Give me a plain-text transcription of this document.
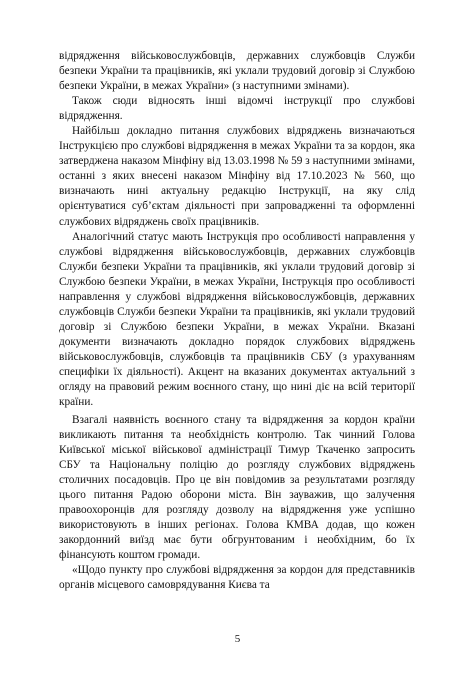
відрядження військовослужбовців, державних службовців Служби безпеки України та працівників, які уклали трудовий договір зі Службою безпеки України, в межах України» (з наступними змінами).

Також сюди відносять інші відомчі інструкції про службові відрядження.

Найбільш докладно питання службових відряджень визначаються Інструкцією про службові відрядження в межах України та за кордон, яка затверджена наказом Мінфіну від 13.03.1998 № 59 з наступними змінами, останні з яких внесені наказом Мінфіну від 17.10.2023 № 560, що визначають нині актуальну редакцію Інструкції, на яку слід орієнтуватися суб’єктам діяльності при запровадженні та оформленні службових відряджень своїх працівників.

Аналогічний статус мають Інструкція про особливості направлення у службові відрядження військовослужбовців, державних службовців Служби безпеки України та працівників, які уклали трудовий договір зі Службою безпеки України, в межах України, Інструкція про особливості направлення у службові відрядження військовослужбовців, державних службовців Служби безпеки України та працівників, які уклали трудовий договір зі Службою безпеки України, в межах України. Вказані документи визначають докладно порядок службових відряджень військовослужбовців, службовців та працівників СБУ (з урахуванням специфіки їх діяльності). Акцент на вказаних документах актуальний з огляду на правовий режим воєнного стану, що нині діє на всій території країни.

Взагалі наявність воєнного стану та відрядження за кордон країни викликають питання та необхідність контролю. Так чинний Голова Київської міської військової адміністрації Тимур Ткаченко запросить СБУ та Національну поліцію до розгляду службових відряджень столичних посадовців. Про це він повідомив за результатами розгляду цього питання Радою оборони міста. Він зауважив, що залучення правоохоронців для розгляду дозволу на відрядження уже успішно використовують в інших регіонах. Голова КМВА додав, що кожен закордонний виїзд має бути обгрунтованим і необхідним, бо їх фінансують коштом громади.

«Щодо пункту про службові відрядження за кордон для представників органів місцевого самоврядування Києва та

5
